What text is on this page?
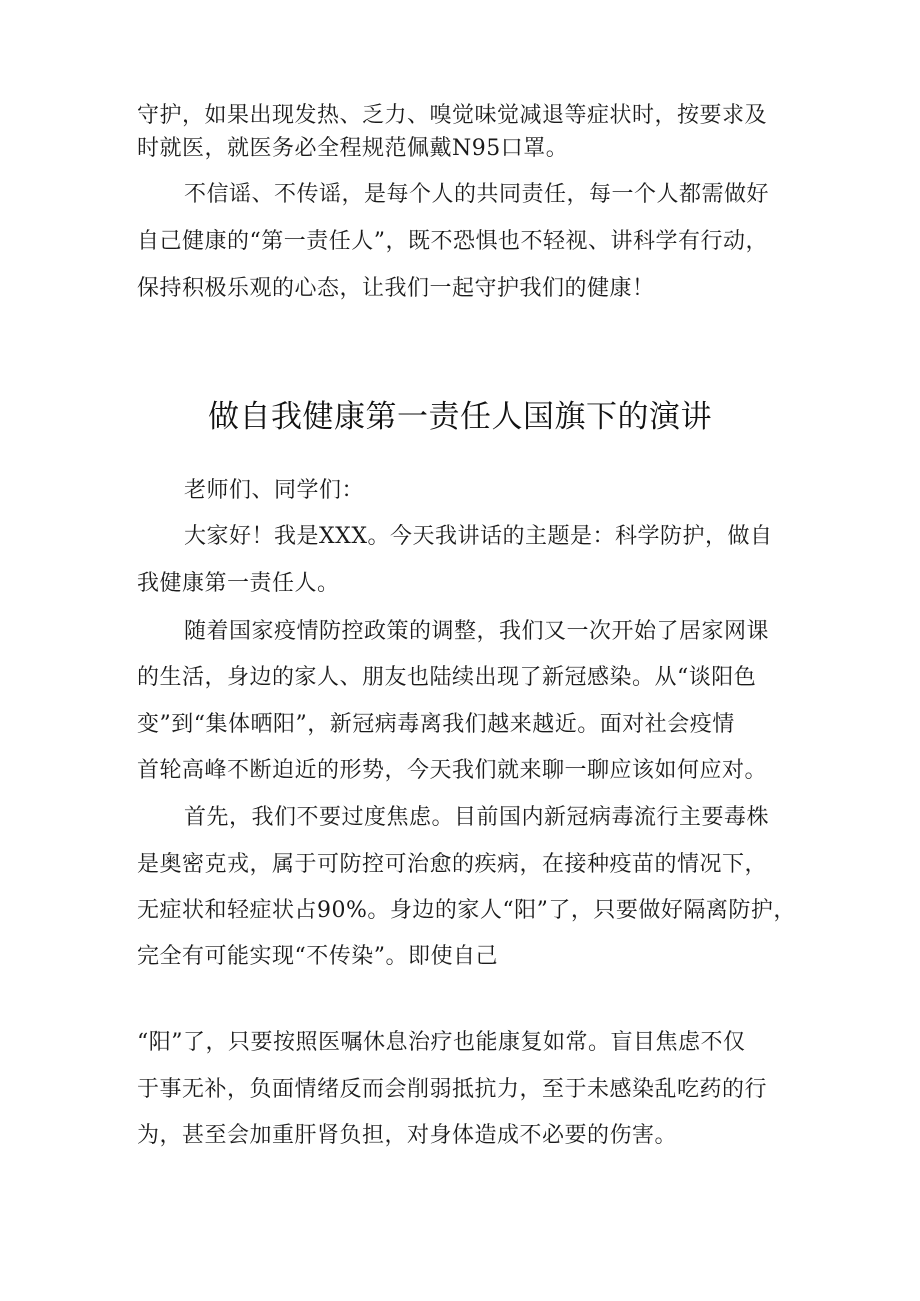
守护，如果出现发热、乏力、嗅觉味觉减退等症状时，按要求及
时就医，就医务必全程规范佩戴N95口罩。
不信谣、不传谣，是每个人的共同责任，每一个人都需做好
自己健康的“第一责任人”，既不恐惧也不轻视、讲科学有行动，
保持积极乐观的心态，让我们一起守护我们的健康！
做自我健康第一责任人国旗下的演讲
老师们、同学们：
大家好！我是XXX。今天我讲话的主题是：科学防护，做自
我健康第一责任人。
随着国家疫情防控政策的调整，我们又一次开始了居家网课
的生活，身边的家人、朋友也陆续出现了新冠感染。从“谈阳色
变”到“集体晒阳”，新冠病毒离我们越来越近。面对社会疫情
首轮高峰不断迫近的形势，今天我们就来聊一聊应该如何应对。
首先，我们不要过度焦虑。目前国内新冠病毒流行主要毒株
是奥密克戎，属于可防控可治愈的疾病，在接种疫苗的情况下，
无症状和轻症状占90%。身边的家人“阳”了，只要做好隔离防护，
完全有可能实现“不传染”。即使自己
“阳”了，只要按照医嘱休息治疗也能康复如常。盲目焦虑不仅
于事无补，负面情绪反而会削弱抵抗力，至于未感染乱吃药的行
为，甚至会加重肝肾负担，对身体造成不必要的伤害。
